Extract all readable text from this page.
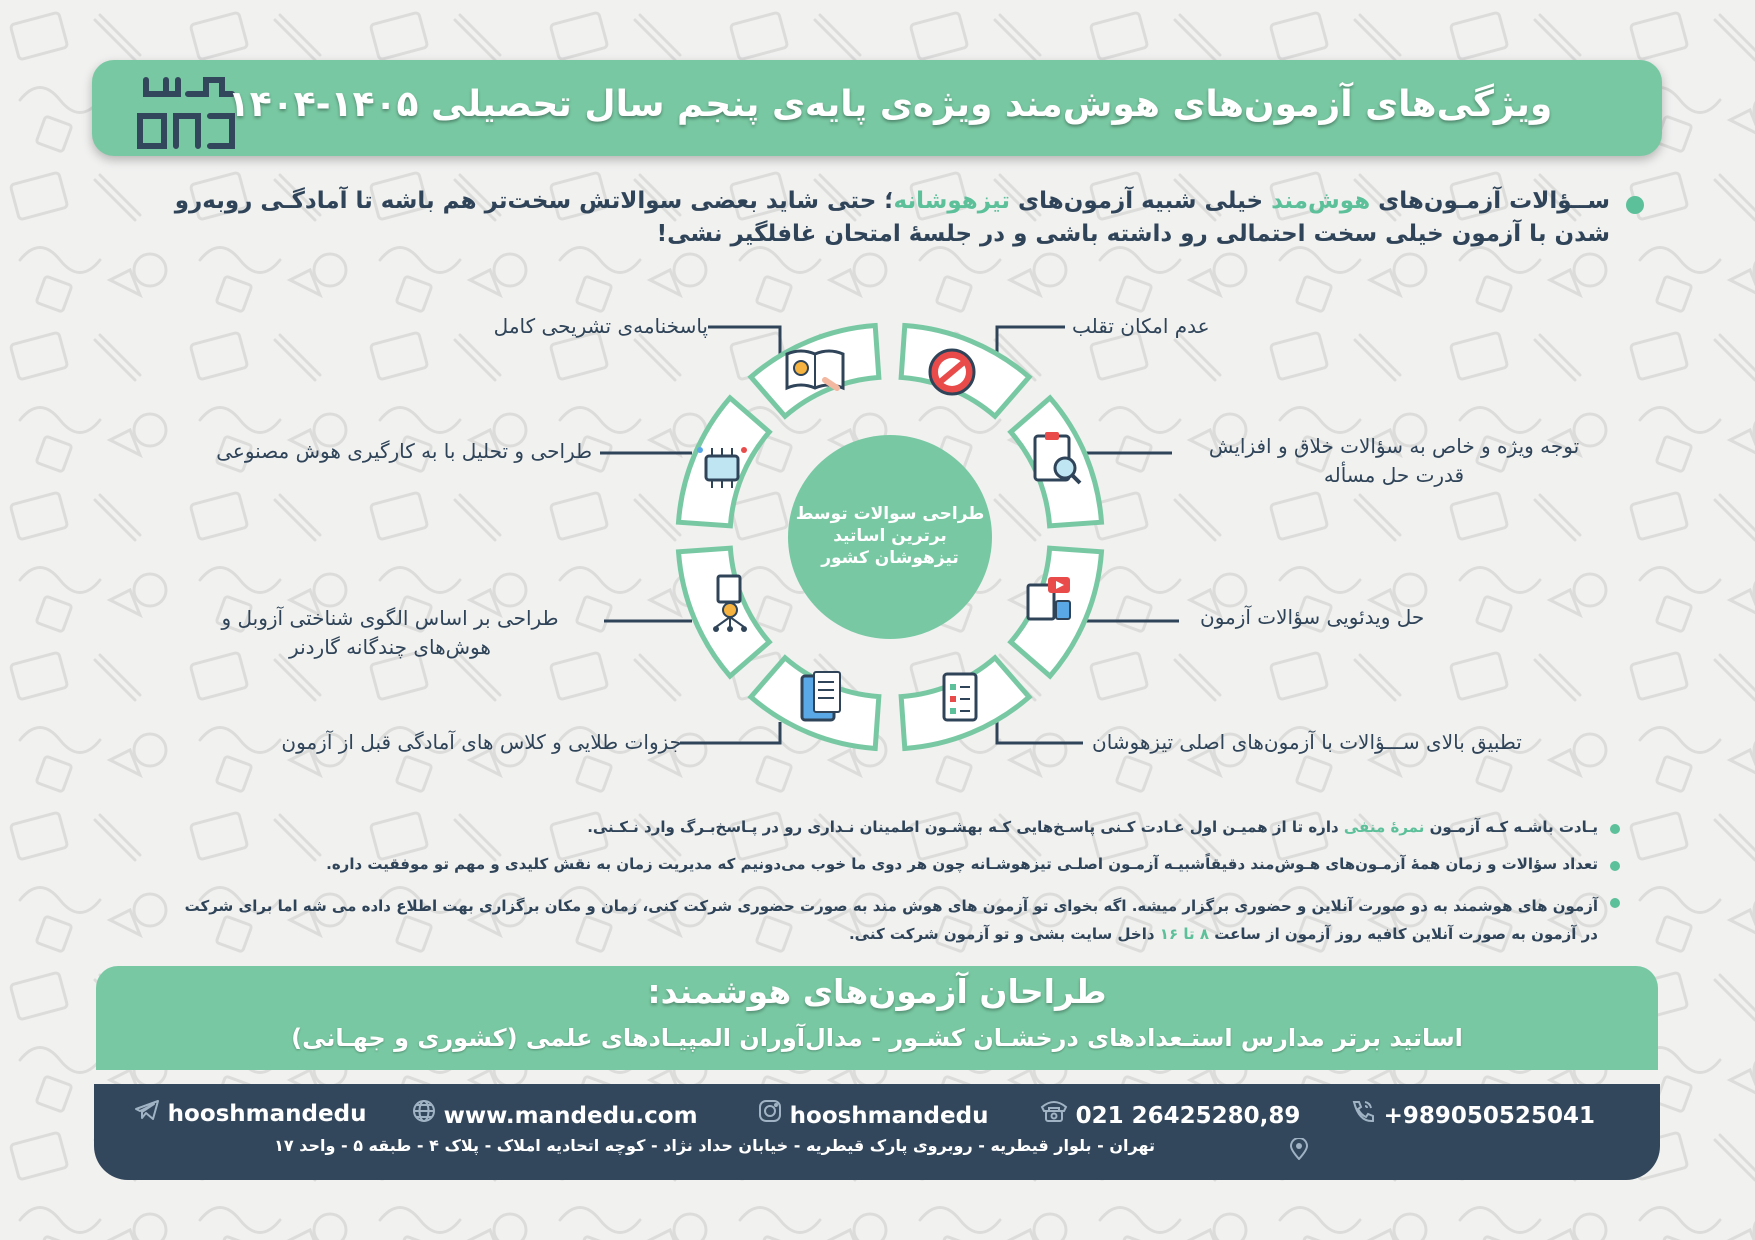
ویژگی‌های آزمون‌های هوش‌مند ویژه‌ی پایه‌ی پنجم سال تحصیلی ۱۴۰۵-۱۴۰۴
ســؤالات آزمـون‌های هوش‌مند خیلی شبیه آزمون‌های تیزهوشانه؛ حتی شاید بعضی سوالاتش سخت‌تر هم باشه تا آمادگـی رو‌به‌رو شدن با آزمون خیلی سخت احتمالی رو داشته باشی و در جلسهٔ امتحان غافلگیر نشی!
طراحی سوالات توسط برترین اساتید تیزهوشان کشور
عدم امکان تقلب
توجه ویژه و خاص به سؤالات خلاق و افزایش
قدرت حل مسأله
حل ویدئویی سؤالات آزمون
تطبیق بالای ســـؤالات با آزمون‌های اصلی تیزهوشان
جزوات طلایی و کلاس های آمادگی قبل از آزمون
طراحی بر اساس الگوی شناختی آزوبل و
هوش‌های چندگانه گاردنر
طراحی و تحلیل با به کارگیری هوش مصنوعی
پاسخنامه‌ی تشریحی کامل
یـادت باشـه کـه آزمـون نمرهٔ منفی داره تا از همیـن اول عـادت کـنی پاسـخ‌هایی کـه بهشـون اطمینان نـداری رو در پـاسخ‌بـرگ وارد نـکـنی.
تعداد سؤالات و زمان همهٔ آزمـون‌های هـوش‌مند دقیقاًشبیـه آزمـون اصلـی تیزهوشـانه چون هر دوی ما خوب می‌دونیم که مدیریت زمان به نقش کلیدی و مهم تو موفقیت داره.
آزمون‌ های هوشمند به دو صورت آنلاین و حضوری برگزار میشه. اگه بخوای تو آزمون های هوش مند به صورت حضوری شرکت کنی، زمان و مکان برگزاری بهت اطلاع داده می شه اما برای شرکت
در آزمون به صورت آنلاین کافیه روز آزمون از ساعت ۸ تا ۱۶ داخل سایت بشی و تو آزمون شرکت کنی.
طراحان آزمون‌های هوشمند:
اساتید برتر مدارس استـعدادهای درخشـان کشـور - مدال‌آوران المپیـادهای علمی (کشوری و جهـانی)
hooshmandedu	www.mandedu.com	hooshmandedu	021 26425280,89	+989050525041
تهران - بلوار قیطریه - روبروی پارک قیطریه - خیابان حداد نژاد - کوچه اتحادیه املاک - پلاک ۴ - طبقه ۵ - واحد ۱۷
